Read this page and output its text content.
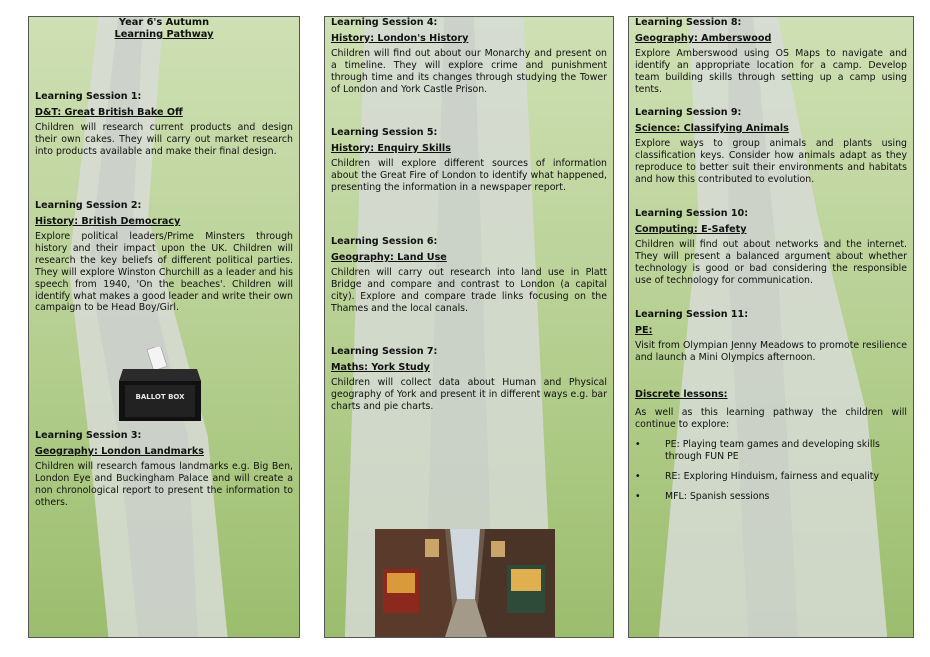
Year 6's Autumn
Learning Pathway

Learning Session 1:

D&T: Great British Bake Off

Children will research current products and design their own cakes. They will carry out market research into products available and make their final design.

Learning Session 2:

History: British Democracy

Explore political leaders/Prime Minsters through history and their impact upon the UK. Children will research the key beliefs of different political parties. They will explore Winston Churchill as a leader and his speech from 1940, 'On the beaches'. Children will identify what makes a good leader and write their own campaign to be Head Boy/Girl.

BALLOT BOX

Learning Session 3:

Geography: London Landmarks

Children will research famous landmarks e.g. Big Ben, London Eye and Buckingham Palace and will create a non chronological report to present the information to others.

Learning Session 4:

History: London's History

Children will find out about our Monarchy and present on a timeline. They will explore crime and punishment through time and its changes through studying the Tower of London and York Castle Prison.

Learning Session 5:

History: Enquiry Skills

Children will explore different sources of information about the Great Fire of London to identify what happened, presenting the information in a newspaper report.

Learning Session 6:

Geography: Land Use

Children will carry out research into land use in Platt Bridge and compare and contrast to London (a capital city). Explore and compare trade links focusing on the Thames and the local canals.

Learning Session 7:

Maths: York Study

Children will collect data about Human and Physical geography of York and present it in different ways e.g. bar charts and pie charts.

Learning Session 8:

Geography: Amberswood

Explore Amberswood using OS Maps to navigate and identify an appropriate location for a camp. Develop team building skills through setting up a camp using tents.

Learning Session 9:

Science: Classifying Animals

Explore ways to group animals and plants using classification keys. Consider how animals adapt as they reproduce to better suit their environments and habitats and how this contributed to evolution.

Learning Session 10:

Computing: E-Safety

Children will find out about networks and the internet. They will present a balanced argument about whether technology is good or bad considering the responsible use of technology for communication.

Learning Session 11:

PE:

Visit from Olympian Jenny Meadows to promote resilience and launch a Mini Olympics afternoon.

Discrete lessons:

As well as this learning pathway the children will continue to explore:

•	PE: Playing team games and developing skills through FUN PE
•	RE: Exploring Hinduism, fairness and equality
•	MFL: Spanish sessions
